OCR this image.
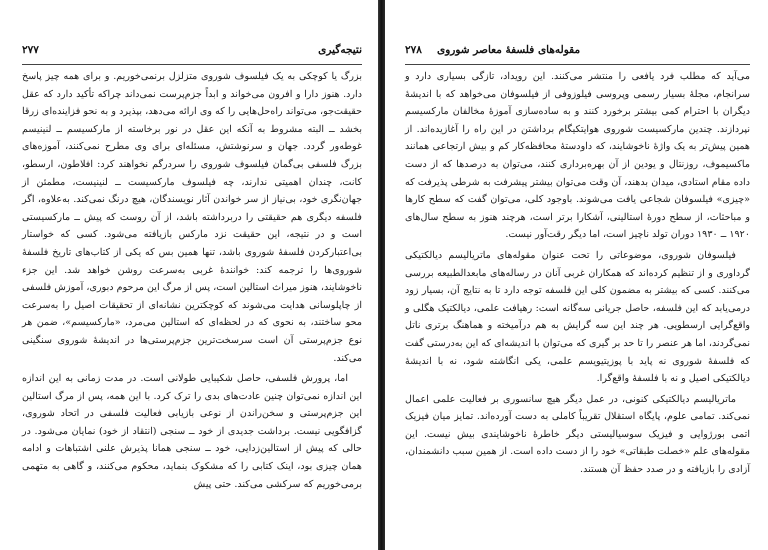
۲۷۷	نتیجه‌گیری

بزرگ یا کوچکی به یک فیلسوف شوروی متزلزل برنمی‌خوریم. و برای همه چیز پاسخ دارد. هنوز دارا و افرون می‌خواند و ابداً جزم‌پرست نمی‌داند چراکه تأکید دارد که عقل حقیقت‌جو، می‌تواند راه‌حل‌هایی را که وی ارائه می‌دهد، بپذیرد و به نحو فزاینده‌ای زرقا بخشد ــ البته مشروط به آنکه این عقل در نور برخاسته از مارکسیسم ــ لنینیسم غوطه‌ور گردد. جهان و سرنوشتش، مسئله‌ای برای وی مطرح نمی‌کنند، آموزه‌های بزرگ فلسفی بی‌گمان فیلسوف شوروی را سردرگم نخواهند کرد: افلاطون، ارسطو، کانت، چندان اهمیتی ندارند، چه فیلسوف مارکسیست ــ لنینیست، مطمئن از جهان‌نگری خود، بی‌نیاز از سر خواندن آثار نویسندگان، هیچ درنگ نمی‌کند. به‌علاوه، اگر فلسفه دیگری هم حقیقتی را دربرداشته باشد، از آن روست که پیش ــ مارکسیستی است و در نتیجه، این حقیقت نزد مارکس بازیافته می‌شود. کسی که خواستار بی‌اعتبارکردن فلسفهٔ شوروی باشد، تنها همین بس که یکی از کتاب‌های تاریخ فلسفهٔ شوروی‌ها را ترجمه کند: خوانندهٔ غربی به‌سرعت روشن خواهد شد. این جزء ناخوشایند، هنوز میراث استالین است، پس از مرگ این مرحوم دبوری، آموزش فلسفی از چاپلوسانی هدایت می‌شوند که کوچکترین نشانه‌ای از تحقیقات اصیل را به‌سرعت محو ساختند، به نحوی که در لحظه‌ای که استالین می‌مرد، «مارکسیسم»، ضمن هر نوع جزم‌پرستی آن است سرسخت‌ترین جزم‌پرستی‌ها در اندیشهٔ شوروی سنگینی می‌کند.

اما، پرورش فلسفی، حاصل شکیبایی طولانی است. در مدت زمانی به این اندازه این اندازه نمی‌توان چنین عادت‌های بدی را ترک کرد. با این همه، پس از مرگ استالین این جزم‌پرستی و سخن‌راندن از نوعی بازیابی فعالیت فلسفی در اتحاد شوروی، گزافگویی نیست. برداشت جدیدی از خود ــ سنجی (انتقاد از خود) نمایان می‌شود. در حالی که پیش از استالین‌زدایی، خود ــ سنجی همانا پذیرش علنی اشتباهات و ادامه همان چیزی بود، اینک کتابی را که مشکوک بنماید، محکوم می‌کنند، و گاهی به متهمی برمی‌خوریم که سرکشی می‌کند. حتی پیش

۲۷۸ مقوله‌های فلسفهٔ معاصر شوروی

می‌آید که مطلب فرد یافعی را منتشر می‌کنند. این رویداد، تازگی بسیاری دارد و سرانجام، مجلهٔ بسیار رسمی وپروسی فیلوزوفی از فیلسوفان می‌خواهد که با اندیشهٔ دیگران با احترام کمی بیشتر برخورد کنند و به ساده‌سازی آموزهٔ مخالفان مارکسیسم نپردازند. چندین مارکسیست شوروی هوایتکیگام برداشتن در این راه را آغازیده‌اند. از همین پیش‌تر به یک واژهٔ ناخوشایند، که داودستهٔ محافظه‌کار کم و بیش ارتجاعی همانند ماکسیموف، روزنتال و یودین از آن بهره‌برداری کنند، می‌توان به درصدها که از دست داده مقام استادی، میدان بدهند، آن وقت می‌توان بیشتر پیشرفت به شرطی پذیرفت که «چیزی» فیلسوفان شجاعی یافت می‌شوند. با‌وجود کلی، می‌توان گفت که سطح کارها و مباحثات، از سطح دورهٔ استالینی، آشکارا برتر است، هرچند هنوز به سطح سال‌های ۱۹۲۰ ــ ۱۹۳۰ دوران تولد ناچیز است، اما دیگر رقت‌آور نیست.

فیلسوفان شوروی، موضوعاتی را تحت عنوان مقوله‌های ماتریالیسم دیالکتیکی گرداوری و از تنظیم کرده‌اند که همکاران غربی آنان در رساله‌های مابعدالطبیعه بررسی می‌کنند. کسی که بیشتر به مضمون کلی این فلسفه توجه دارد تا به نتایج آن، بسیار زود درمی‌یابد که این فلسفه، حاصل جریانی سه‌گانه است: رهیافت علمی، دیالکتیک هگلی و واقع‌گرایی ارسطویی. هر چند این سه گرایش به هم درآمیخته و هماهنگ برتری ناتل نمی‌گردند، اما هر عنصر را تا حد بر گیری که می‌توان با اندیشه‌ای که این به‌درستی گفت که فلسفهٔ شوروی نه پاید با پوزیتیویسم علمی، یکی انگاشته شود، نه با اندیشهٔ دیالکتیکی اصیل و نه با فلسفهٔ واقع‌گرا.

ماتریالیسم دیالکتیکی کنونی، در عمل دیگر هیچ سانسوری بر فعالیت علمی اعمال نمی‌کند. تمامی علوم، پایگاه استقلال تقریباً کاملی به دست آورده‌اند. تمایز میان فیزیک اتمی بورژوایی و فیزیک سوسیالیستی دیگر خاطرهٔ ناخوشایندی بیش نیست. این مقوله‌های علم «خصلت طبقاتی» خود را از دست داده است. از همین سبب دانشمندان، آزادی را بازیافته و در صدد حفظ آن هستند.
